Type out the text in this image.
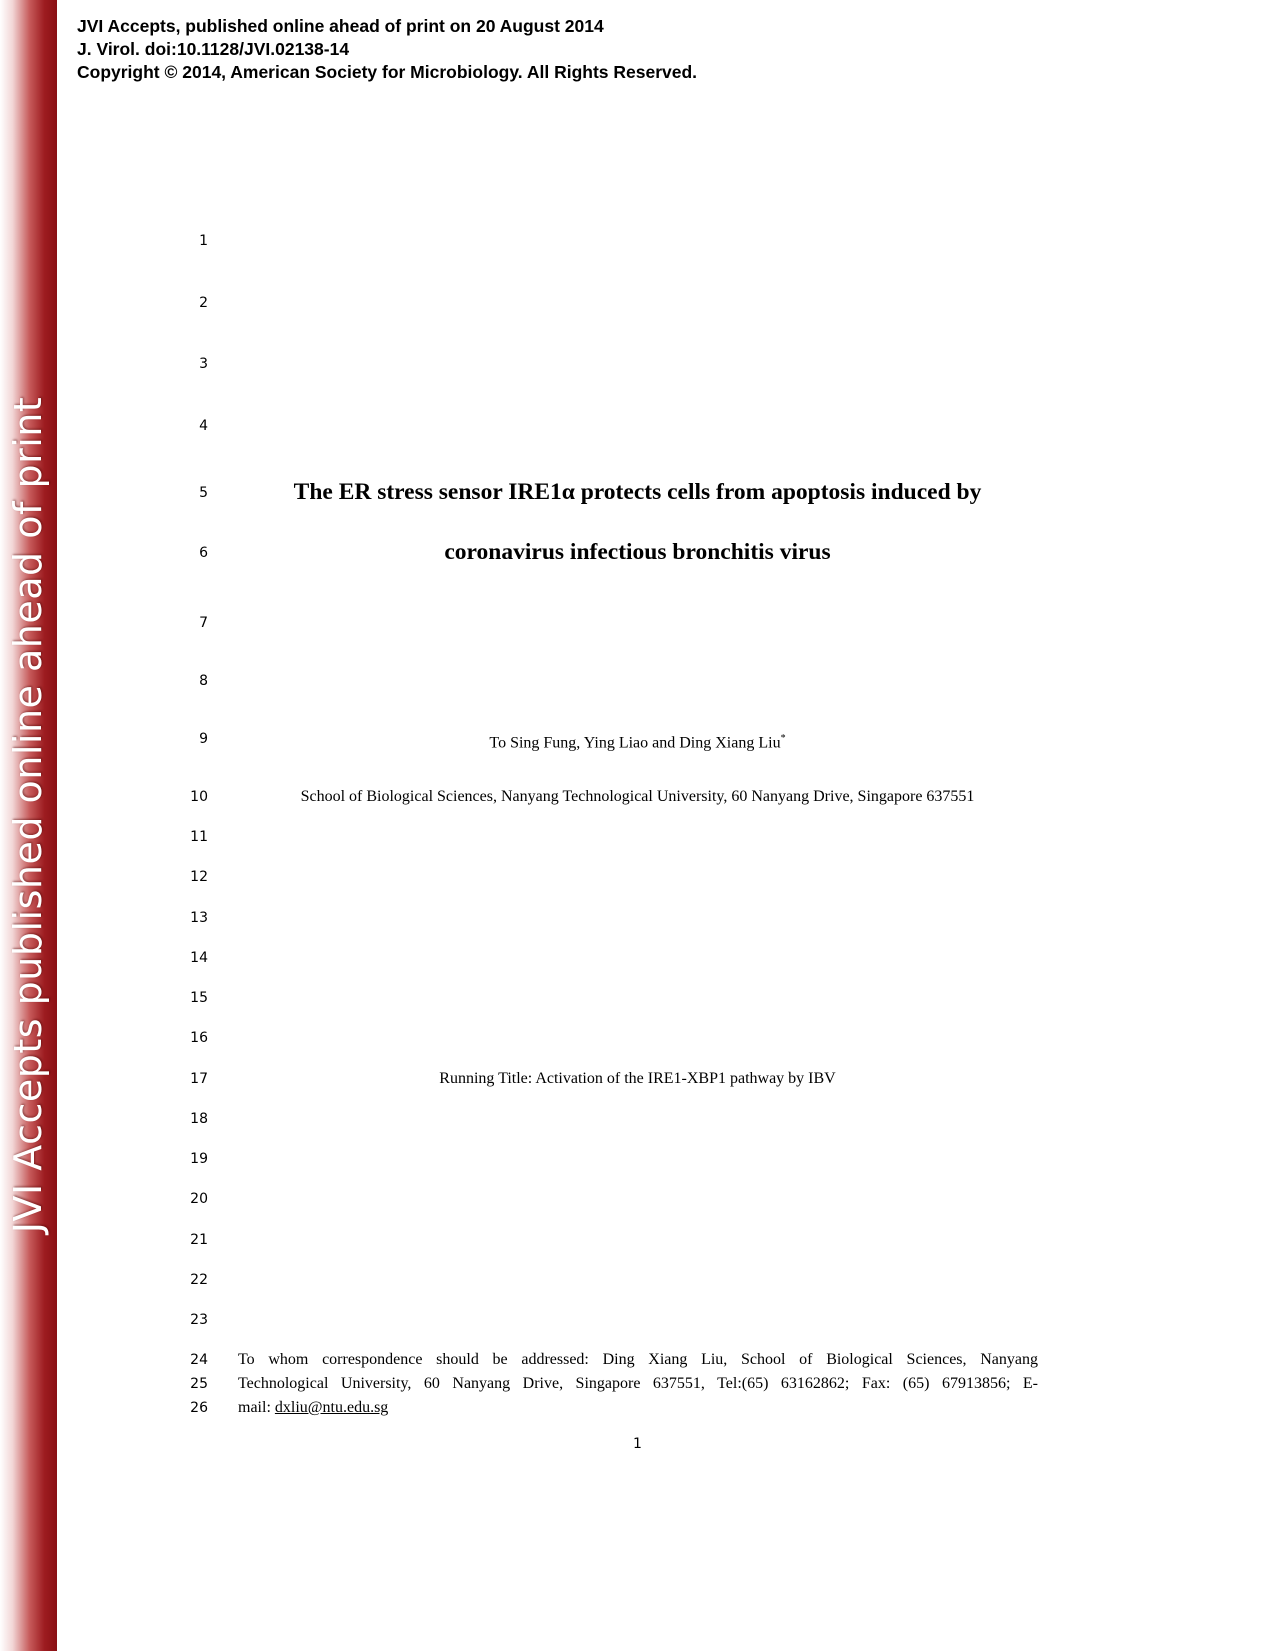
JVI Accepts published online ahead of print
JVI Accepts, published online ahead of print on 20 August 2014
J. Virol. doi:10.1128/JVI.02138-14
Copyright © 2014, American Society for Microbiology. All Rights Reserved.
1
2
3
4
5
6
7
8
9
10
11
12
13
14
15
16
17
18
19
20
21
22
23
24
25
26
The ER stress sensor IRE1α protects cells from apoptosis induced by
coronavirus infectious bronchitis virus
To Sing Fung, Ying Liao and Ding Xiang Liu*
School of Biological Sciences, Nanyang Technological University, 60 Nanyang Drive, Singapore 637551
Running Title: Activation of the IRE1-XBP1 pathway by IBV
To whom correspondence should be addressed: Ding Xiang Liu, School of Biological Sciences, Nanyang
Technological University, 60 Nanyang Drive, Singapore 637551, Tel:(65) 63162862; Fax: (65) 67913856; E-
mail: dxliu@ntu.edu.sg
1
